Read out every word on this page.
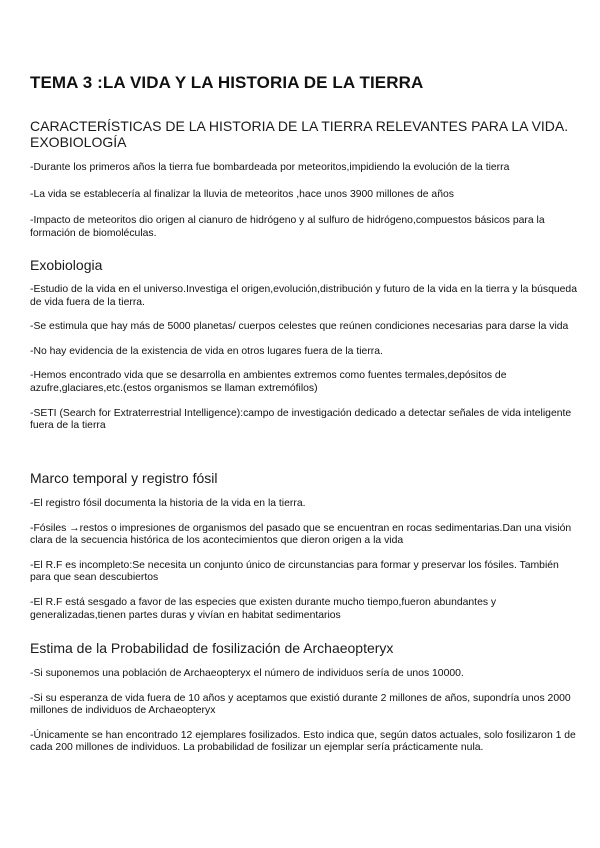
TEMA 3 :LA VIDA Y LA HISTORIA DE LA TIERRA
CARACTERÍSTICAS DE LA HISTORIA DE LA TIERRA RELEVANTES PARA LA VIDA. EXOBIOLOGÍA

-Durante los primeros años la tierra fue bombardeada por meteoritos,impidiendo la evolución de la tierra

-La vida se establecería al finalizar la lluvia de meteoritos ,hace unos 3900 millones de años

-Impacto de meteoritos dio origen al cianuro de hidrógeno y al sulfuro de hidrógeno,compuestos básicos para la formación de biomoléculas.

Exobiologia

-Estudio de la vida en el universo.Investiga el origen,evolución,distribución y futuro de la vida en la tierra y la búsqueda de vida fuera de la tierra.

-Se estimula que hay más de 5000 planetas/ cuerpos celestes que reúnen condiciones necesarias para darse la vida

-No hay evidencia de la existencia de vida en otros lugares fuera de la tierra.

-Hemos encontrado vida que se desarrolla en ambientes extremos como fuentes termales,depósitos de azufre,glaciares,etc.(estos organismos se llaman extremófilos)

-SETI (Search for Extraterrestrial Intelligence):campo de investigación dedicado a detectar señales de vida inteligente fuera de la tierra

Marco temporal y registro fósil

-El registro fósil documenta la historia de la vida en la tierra.

-Fósiles →restos o impresiones de organismos del pasado que se encuentran en rocas sedimentarias.Dan una visión clara de la secuencia histórica de los acontecimientos que dieron origen a la vida

-El R.F es incompleto:Se necesita un conjunto único de circunstancias para formar y preservar los fósiles. También para que sean descubiertos

-El R.F está sesgado a favor de las especies que existen durante mucho tiempo,fueron abundantes y generalizadas,tienen partes duras y vivían en habitat sedimentarios

Estima de la Probabilidad de fosilización de Archaeopteryx

-Si suponemos una población de Archaeopteryx el número de individuos sería de unos 10000.

-Si su esperanza de vida fuera de 10 años y aceptamos que existió durante 2 millones de años, supondría unos 2000 millones de individuos de Archaeopteryx

-Únicamente se han encontrado 12 ejemplares fosilizados. Esto indica que, según datos actuales, solo fosilizaron 1 de cada 200 millones de individuos. La probabilidad de fosilizar un ejemplar sería prácticamente nula.
